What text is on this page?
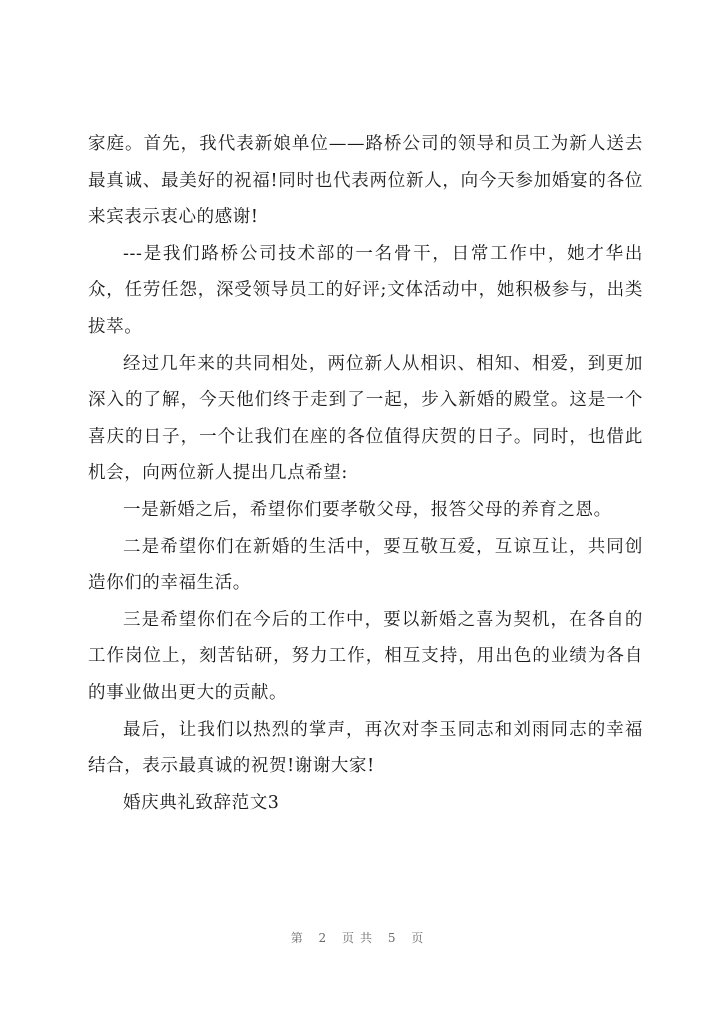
家庭。首先，我代表新娘单位——路桥公司的领导和员工为新人送去最真诚、最美好的祝福!同时也代表两位新人，向今天参加婚宴的各位来宾表示衷心的感谢!

---是我们路桥公司技术部的一名骨干，日常工作中，她才华出众，任劳任怨，深受领导员工的好评;文体活动中，她积极参与，出类拔萃。

经过几年来的共同相处，两位新人从相识、相知、相爱，到更加深入的了解，今天他们终于走到了一起，步入新婚的殿堂。这是一个喜庆的日子，一个让我们在座的各位值得庆贺的日子。同时，也借此机会，向两位新人提出几点希望:

一是新婚之后，希望你们要孝敬父母，报答父母的养育之恩。

二是希望你们在新婚的生活中，要互敬互爱，互谅互让，共同创造你们的幸福生活。

三是希望你们在今后的工作中，要以新婚之喜为契机，在各自的工作岗位上，刻苦钻研，努力工作，相互支持，用出色的业绩为各自的事业做出更大的贡献。

最后，让我们以热烈的掌声，再次对李玉同志和刘雨同志的幸福结合，表示最真诚的祝贺!谢谢大家!

婚庆典礼致辞范文3

第 2 页共 5 页
